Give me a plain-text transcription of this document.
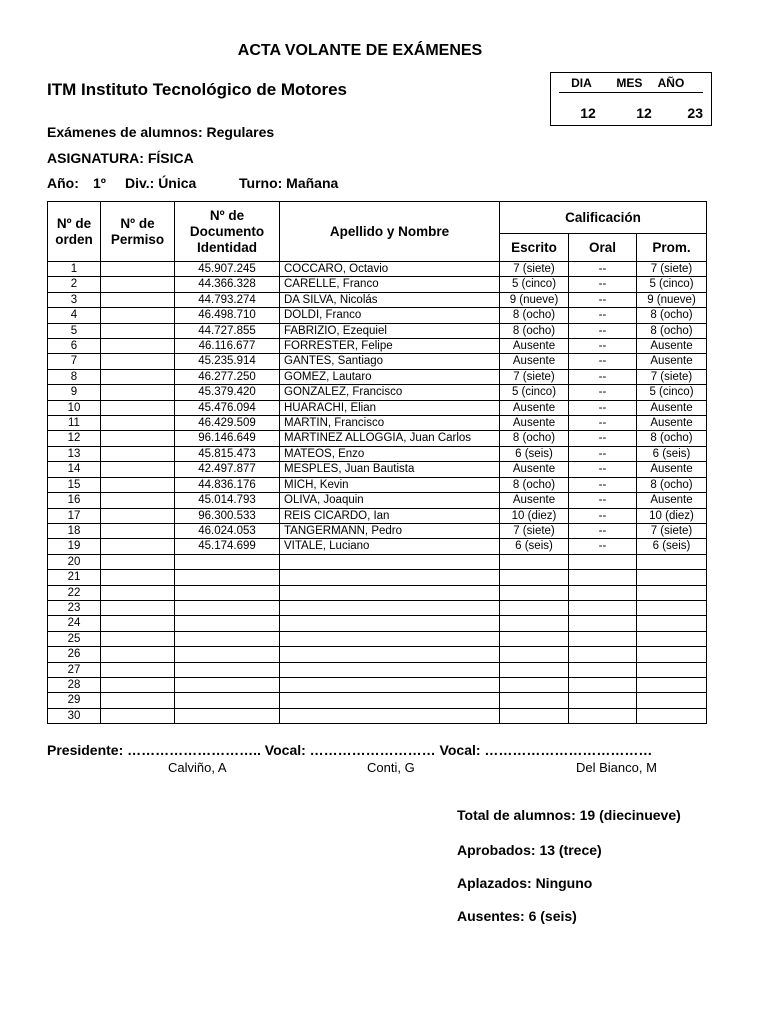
ACTA VOLANTE DE EXÁMENES
ITM Instituto Tecnológico de Motores	DIA	MES	AÑO
12	12	23
Exámenes de alumnos: Regulares
ASIGNATURA: FÍSICA
Año: 1º Div.: Única	Turno: Mañana
Nº de orden	Nº de Permiso	Nº de Documento Identidad	Apellido y Nombre	Calificación		
				Escrito	Oral	Prom.
1		45.907.245	COCCARO, Octavio	7 (siete)	--	7 (siete)
2		44.366.328	CARELLE, Franco	5 (cinco)	--	5 (cinco)
3		44.793.274	DA SILVA, Nicolás	9 (nueve)	--	9 (nueve)
4		46.498.710	DOLDI, Franco	8 (ocho)	--	8 (ocho)
5		44.727.855	FABRIZIO, Ezequiel	8 (ocho)	--	8 (ocho)
6		46.116.677	FORRESTER, Felipe	Ausente	--	Ausente
7		45.235.914	GANTES, Santiago	Ausente	--	Ausente
8		46.277.250	GOMEZ, Lautaro	7 (siete)	--	7 (siete)
9		45.379.420	GONZALEZ, Francisco	5 (cinco)	--	5 (cinco)
10		45.476.094	HUARACHI, Elian	Ausente	--	Ausente
11		46.429.509	MARTIN, Francisco	Ausente	--	Ausente
12		96.146.649	MARTINEZ ALLOGGIA, Juan Carlos	8 (ocho)	--	8 (ocho)
13		45.815.473	MATEOS, Enzo	6 (seis)	--	6 (seis)
14		42.497.877	MESPLES, Juan Bautista	Ausente	--	Ausente
15		44.836.176	MICH, Kevin	8 (ocho)	--	8 (ocho)
16		45.014.793	OLIVA, Joaquin	Ausente	--	Ausente
17		96.300.533	REIS CICARDO, Ian	10 (diez)	--	10 (diez)
18		46.024.053	TANGERMANN, Pedro	7 (siete)	--	7 (siete)
19		45.174.699	VITALE, Luciano	6 (seis)	--	6 (seis)
20						
21						
22						
23						
24						
25						
26						
27						
28						
29						
30						
Presidente: ……………………….. Vocal: ……………………… Vocal: ………………………………
Calviño, A	Conti, G	Del Bianco, M
Total de alumnos: 19 (diecinueve)
Aprobados: 13 (trece)
Aplazados: Ninguno
Ausentes: 6 (seis)
